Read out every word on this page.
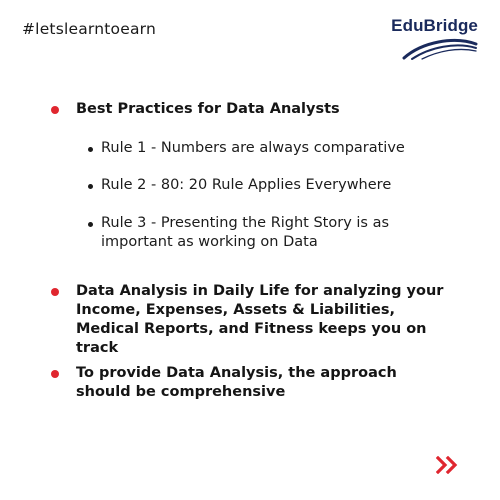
#letslearntoearn	EduBridge
Best Practices for Data Analysts
Rule 1 - Numbers are always comparative
Rule 2 - 80: 20 Rule Applies Everywhere
Rule 3 - Presenting the Right Story is as important as working on Data
Data Analysis in Daily Life for analyzing your Income, Expenses, Assets & Liabilities, Medical Reports, and Fitness keeps you on track
To provide Data Analysis, the approach should be comprehensive
